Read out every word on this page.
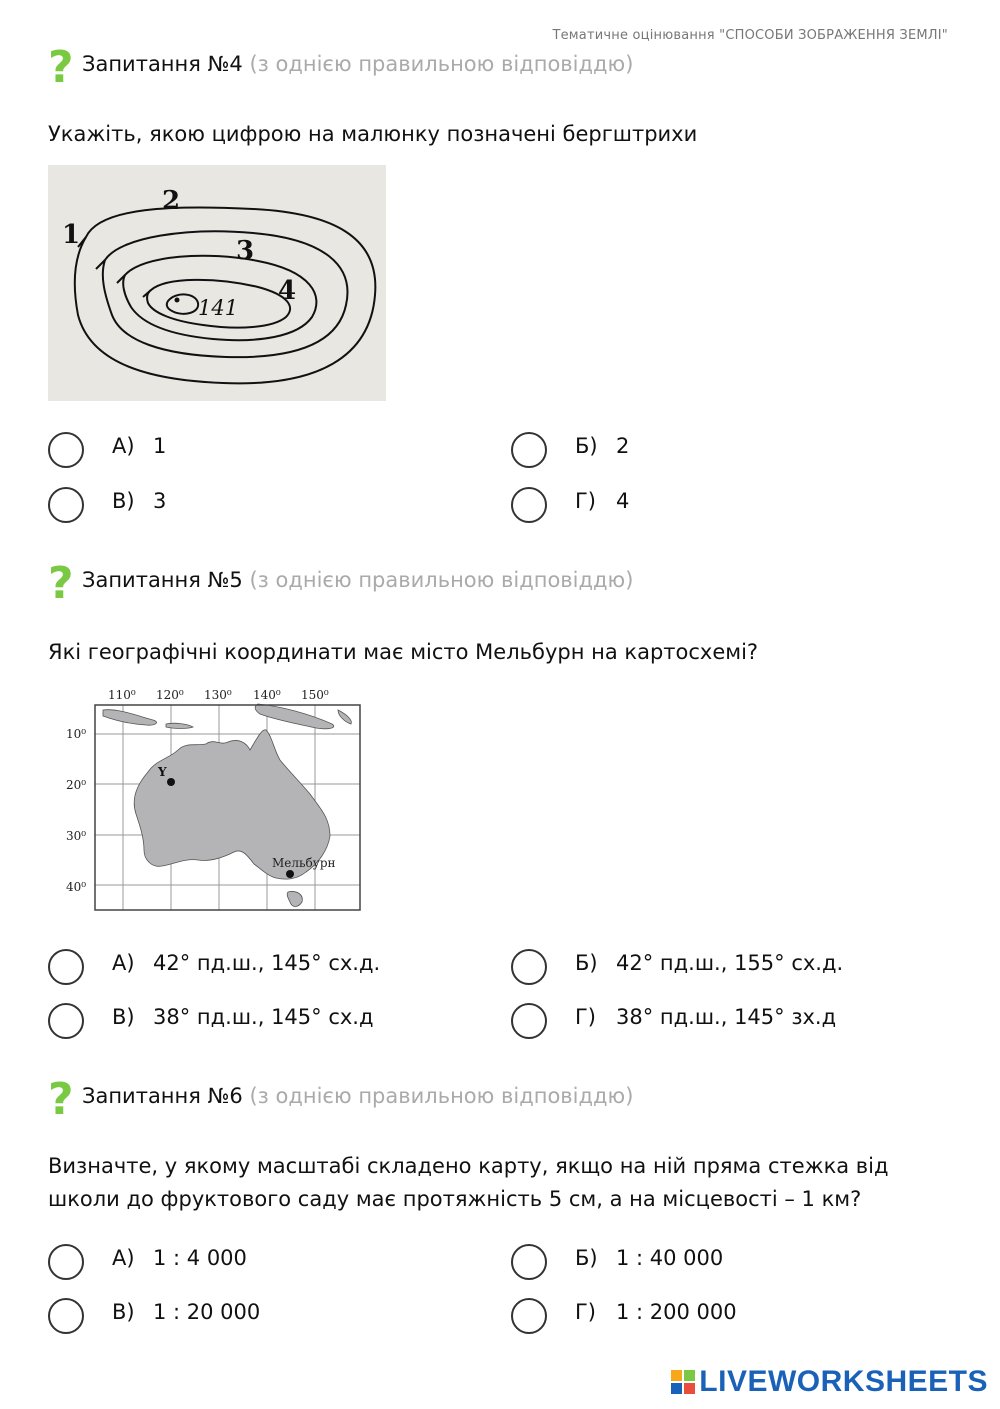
Тематичне оцінювання "СПОСОБИ ЗОБРАЖЕННЯ ЗЕМЛІ"
? Запитання №4 (з однією правильною відповіддю)
Укажіть, якою цифрою на малюнку позначені бергштрихи
1
2
3
4
141
А) 1	Б) 2
В) 3	Г) 4
? Запитання №5 (з однією правильною відповіддю)
Які географічні координати має місто Мельбурн на картосхемі?
110⁰ 120⁰ 130⁰ 140⁰ 150⁰
10⁰
20⁰
30⁰
40⁰
Y
Мельбурн
А) 42° пд.ш., 145° сх.д.	Б) 42° пд.ш., 155° сх.д.
В) 38° пд.ш., 145° сх.д	Г) 38° пд.ш., 145° зх.д
? Запитання №6 (з однією правильною відповіддю)
Визначте, у якому масштабі складено карту, якщо на ній пряма стежка від
школи до фруктового саду має протяжність 5 см, а на місцевості – 1 км?
А) 1 : 4 000	Б) 1 : 40 000
В) 1 : 20 000	Г) 1 : 200 000
LIVEWORKSHEETS
